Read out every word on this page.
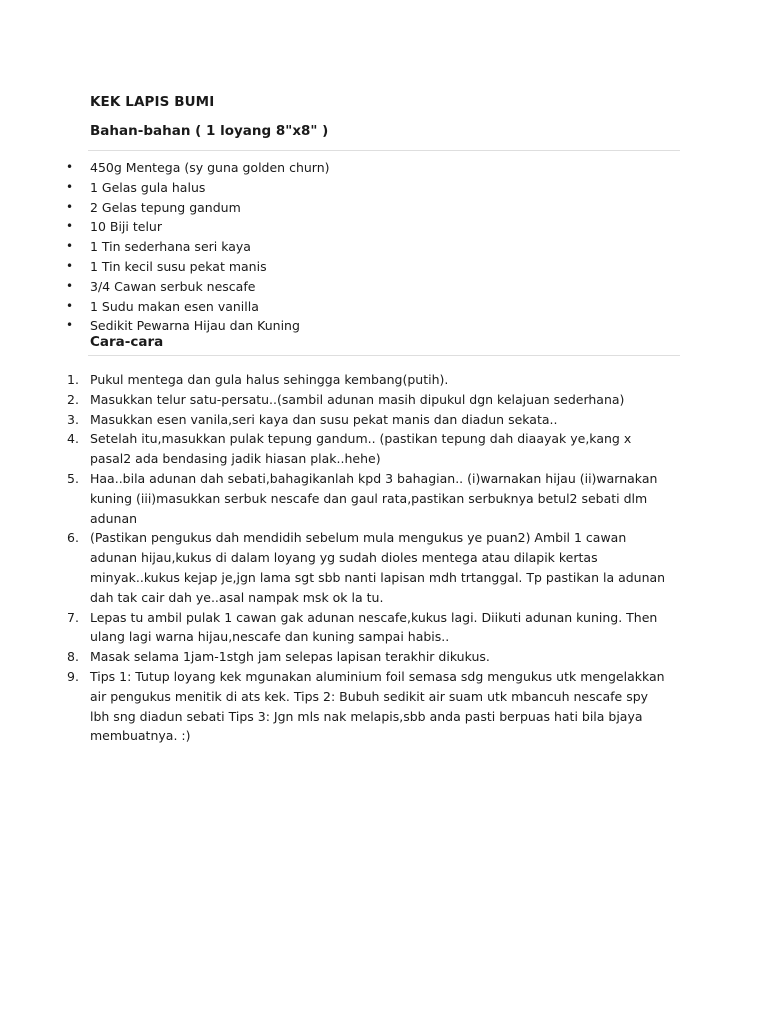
KEK LAPIS BUMI
Bahan-bahan ( 1 loyang 8"x8" )
• 450g Mentega (sy guna golden churn)
• 1 Gelas gula halus
• 2 Gelas tepung gandum
• 10 Biji telur
• 1 Tin sederhana seri kaya
• 1 Tin kecil susu pekat manis
• 3/4 Cawan serbuk nescafe
• 1 Sudu makan esen vanilla
• Sedikit Pewarna Hijau dan Kuning
Cara-cara
1. Pukul mentega dan gula halus sehingga kembang(putih).
2. Masukkan telur satu-persatu..(sambil adunan masih dipukul dgn kelajuan sederhana)
3. Masukkan esen vanila,seri kaya dan susu pekat manis dan diadun sekata..
4. Setelah itu,masukkan pulak tepung gandum.. (pastikan tepung dah diaayak ye,kang x
pasal2 ada bendasing jadik hiasan plak..hehe)
5. Haa..bila adunan dah sebati,bahagikanlah kpd 3 bahagian.. (i)warnakan hijau (ii)warnakan
kuning (iii)masukkan serbuk nescafe dan gaul rata,pastikan serbuknya betul2 sebati dlm
adunan
6. (Pastikan pengukus dah mendidih sebelum mula mengukus ye puan2) Ambil 1 cawan
adunan hijau,kukus di dalam loyang yg sudah dioles mentega atau dilapik kertas
minyak..kukus kejap je,jgn lama sgt sbb nanti lapisan mdh trtanggal. Tp pastikan la adunan
dah tak cair dah ye..asal nampak msk ok la tu.
7. Lepas tu ambil pulak 1 cawan gak adunan nescafe,kukus lagi. Diikuti adunan kuning. Then
ulang lagi warna hijau,nescafe dan kuning sampai habis..
8. Masak selama 1jam-1stgh jam selepas lapisan terakhir dikukus.
9. Tips 1: Tutup loyang kek mgunakan aluminium foil semasa sdg mengukus utk mengelakkan
air pengukus menitik di ats kek. Tips 2: Bubuh sedikit air suam utk mbancuh nescafe spy
lbh sng diadun sebati Tips 3: Jgn mls nak melapis,sbb anda pasti berpuas hati bila bjaya
membuatnya. :)
